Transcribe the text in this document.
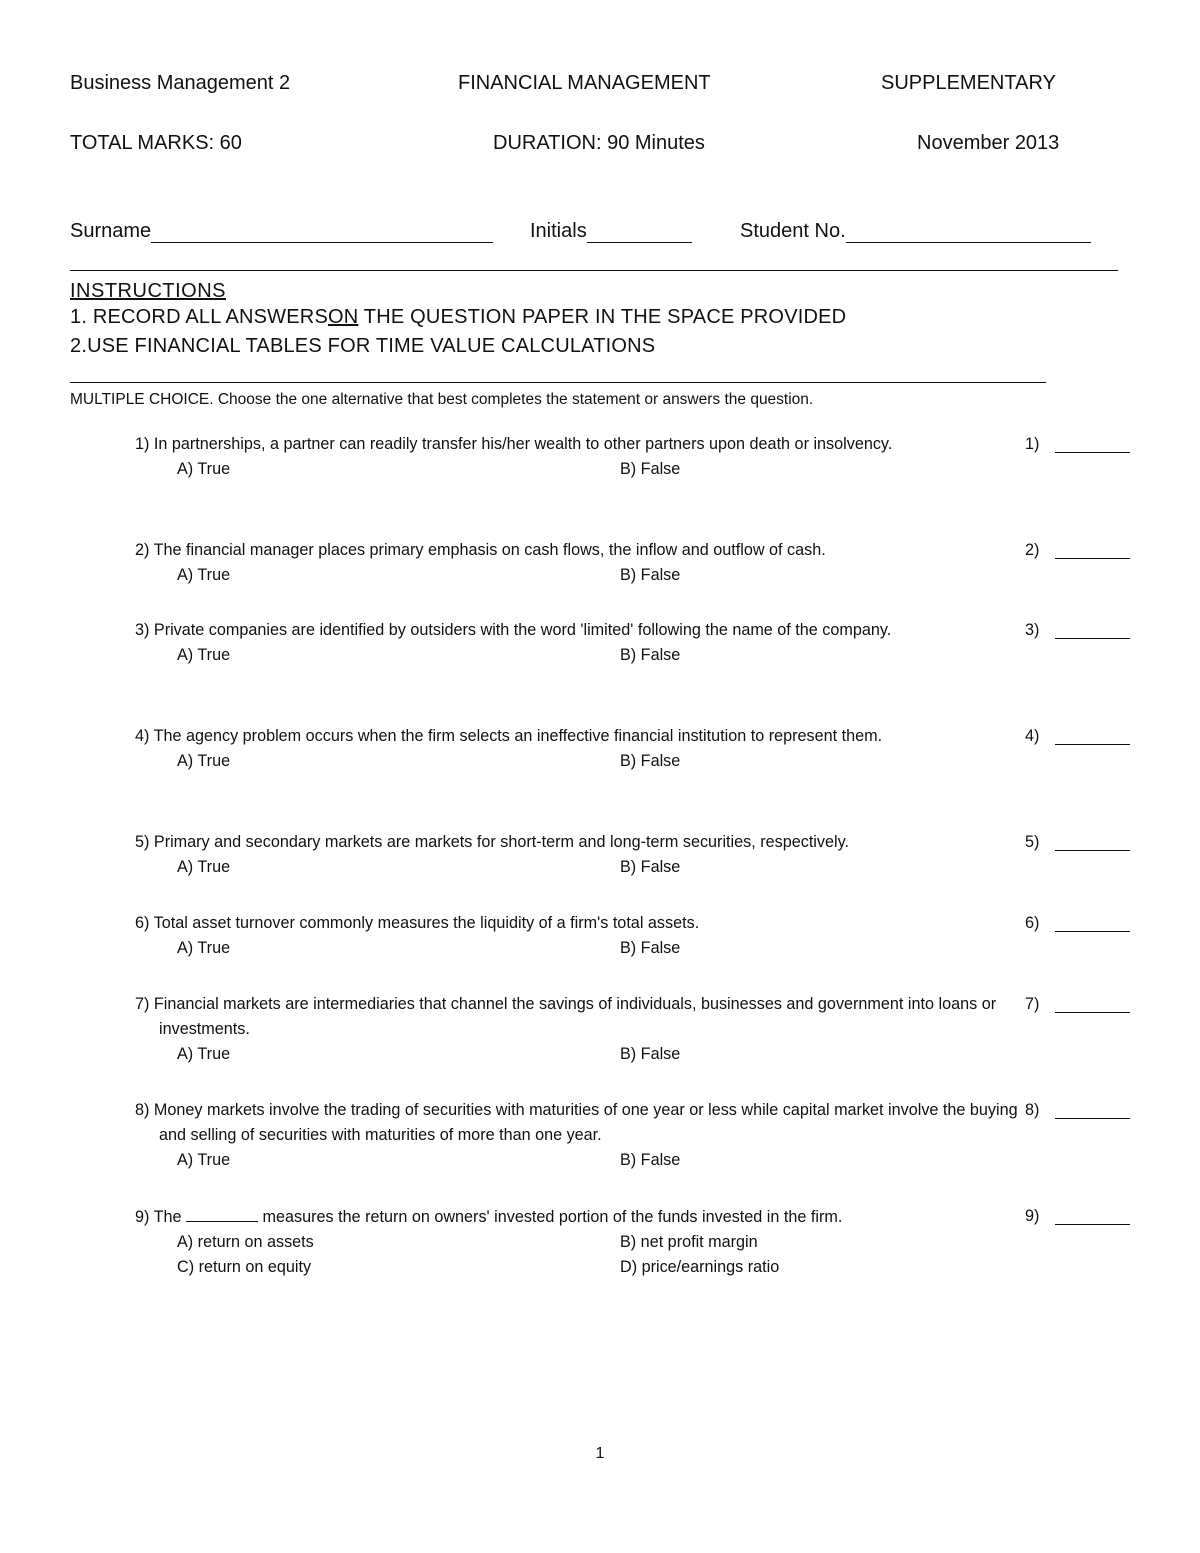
Business Management 2	FINANCIAL MANAGEMENT	SUPPLEMENTARY
TOTAL MARKS: 60	DURATION: 90 Minutes	November 2013
Surname	Initials	Student No.
INSTRUCTIONS
1. RECORD ALL ANSWERSON THE QUESTION PAPER IN THE SPACE PROVIDED
2.USE FINANCIAL TABLES FOR TIME VALUE CALCULATIONS
MULTIPLE CHOICE. Choose the one alternative that best completes the statement or answers the question.
1) In partnerships, a partner can readily transfer his/her wealth to other partners upon death or insolvency.
A) True	B) False
1)
2) The financial manager places primary emphasis on cash flows, the inflow and outflow of cash.
A) True	B) False
2)
3) Private companies are identified by outsiders with the word 'limited' following the name of the company.
A) True	B) False
3)
4) The agency problem occurs when the firm selects an ineffective financial institution to represent them.
A) True	B) False
4)
5) Primary and secondary markets are markets for short-term and long-term securities, respectively.
A) True	B) False
5)
6) Total asset turnover commonly measures the liquidity of a firm's total assets.
A) True	B) False
6)
7) Financial markets are intermediaries that channel the savings of individuals, businesses and government into loans or investments.
A) True	B) False
7)
8) Money markets involve the trading of securities with maturities of one year or less while capital market involve the buying and selling of securities with maturities of more than one year.
A) True	B) False
8)
9) The	measures the return on owners' invested portion of the funds invested in the firm.
A) return on assets	B) net profit margin
C) return on equity	D) price/earnings ratio
9)
1
